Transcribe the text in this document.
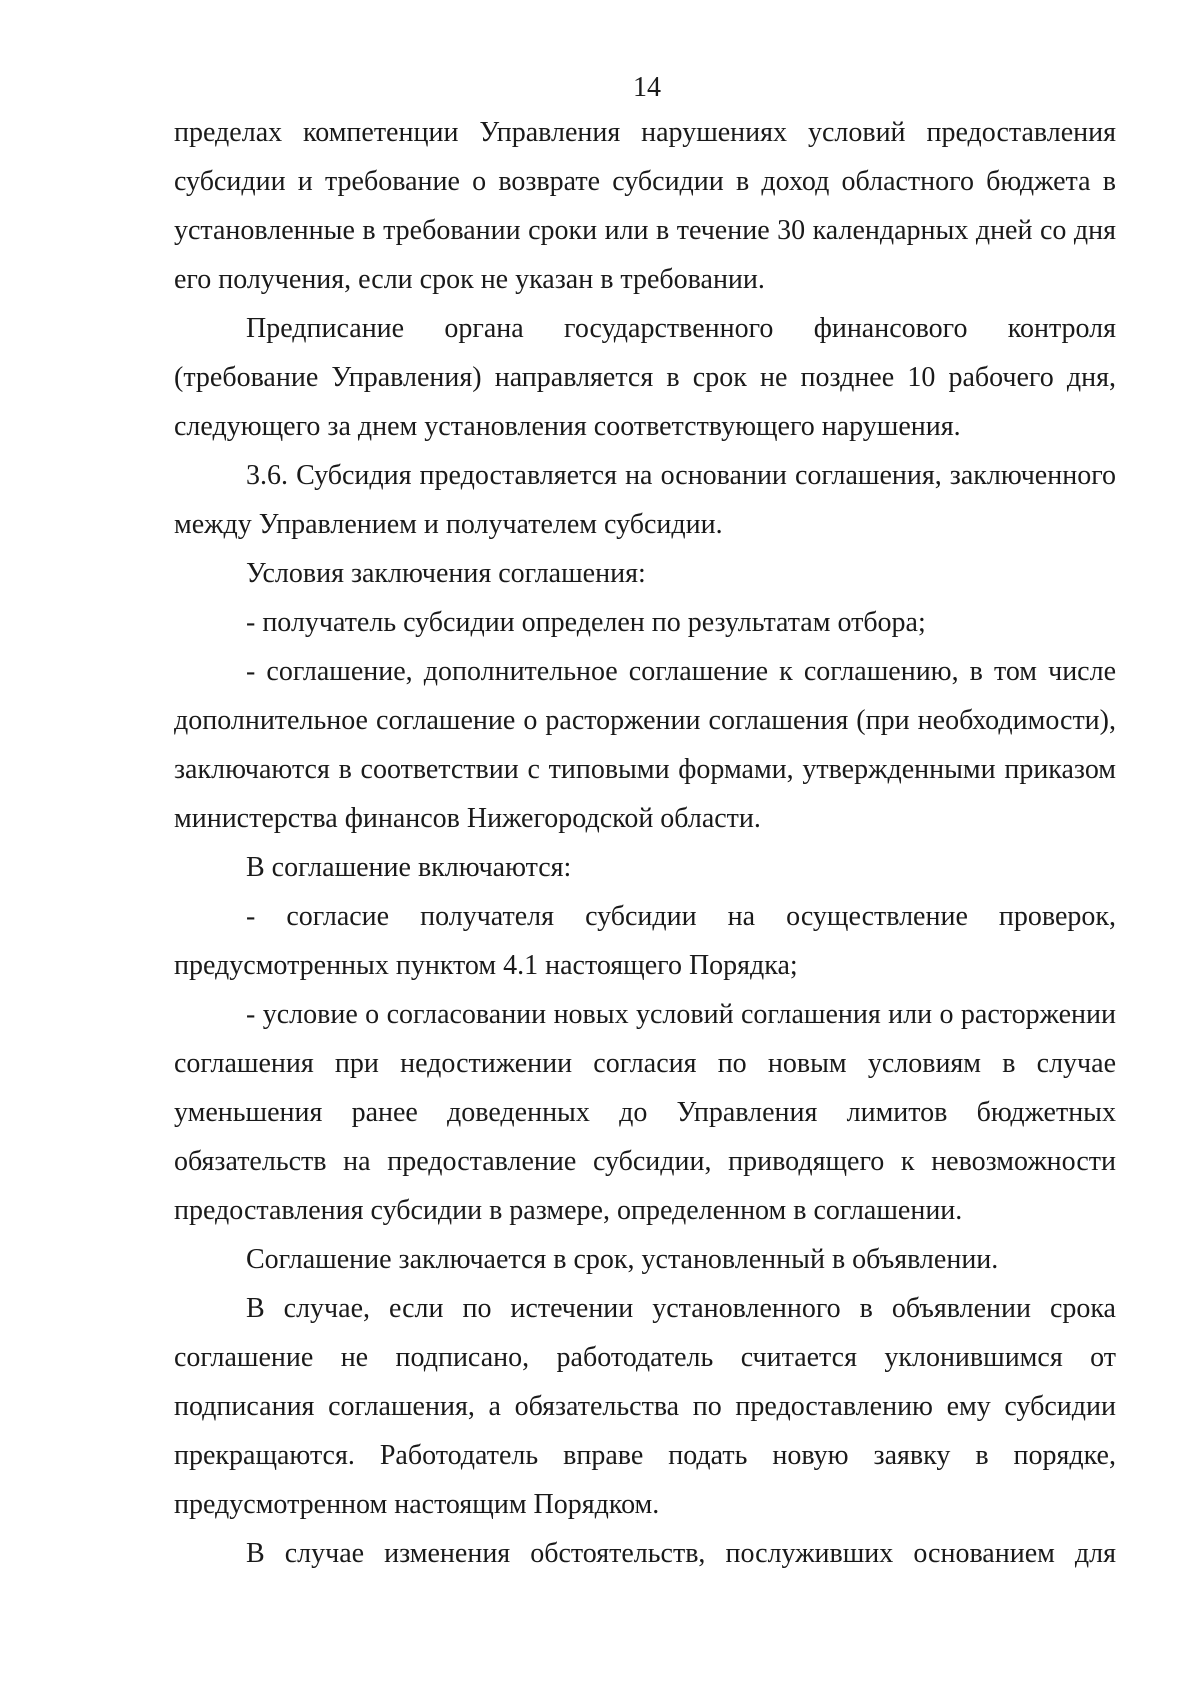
14

пределах компетенции Управления нарушениях условий предоставления субсидии и требование о возврате субсидии в доход областного бюджета в установленные в требовании сроки или в течение 30 календарных дней со дня его получения, если срок не указан в требовании.

Предписание органа государственного финансового контроля (требование Управления) направляется в срок не позднее 10 рабочего дня, следующего за днем установления соответствующего нарушения.

3.6. Субсидия предоставляется на основании соглашения, заключенного между Управлением и получателем субсидии.

Условия заключения соглашения:

- получатель субсидии определен по результатам отбора;

- соглашение, дополнительное соглашение к соглашению, в том числе дополнительное соглашение о расторжении соглашения (при необходимости), заключаются в соответствии с типовыми формами, утвержденными приказом министерства финансов Нижегородской области.

В соглашение включаются:

- согласие получателя субсидии на осуществление проверок, предусмотренных пунктом 4.1 настоящего Порядка;

- условие о согласовании новых условий соглашения или о расторжении соглашения при недостижении согласия по новым условиям в случае уменьшения ранее доведенных до Управления лимитов бюджетных обязательств на предоставление субсидии, приводящего к невозможности предоставления субсидии в размере, определенном в соглашении.

Соглашение заключается в срок, установленный в объявлении.

В случае, если по истечении установленного в объявлении срока соглашение не подписано, работодатель считается уклонившимся от подписания соглашения, а обязательства по предоставлению ему субсидии прекращаются. Работодатель вправе подать новую заявку в порядке, предусмотренном настоящим Порядком.

В случае изменения обстоятельств, послуживших основанием для
